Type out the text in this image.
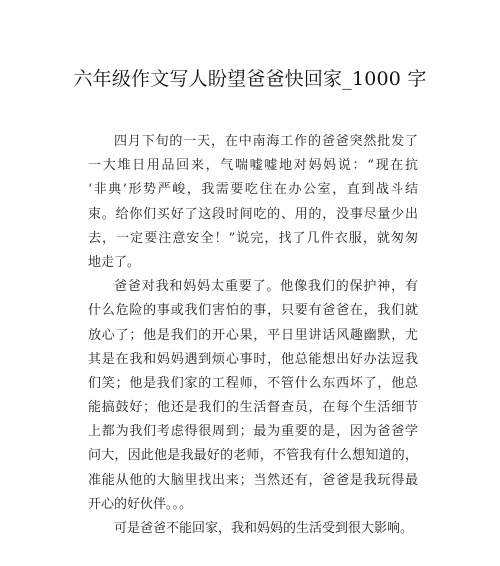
六年级作文写人盼望爸爸快回家_1000 字
四月下旬的一天，在中南海工作的爸爸突然批发了
一大堆日用品回来，气喘嘘嘘地对妈妈说：“现在抗
‘非典’形势严峻，我需要吃住在办公室，直到战斗结
束。给你们买好了这段时间吃的、用的，没事尽量少出
去，一定要注意安全！”说完，找了几件衣服，就匆匆
地走了。
爸爸对我和妈妈太重要了。他像我们的保护神，有
什么危险的事或我们害怕的事，只要有爸爸在，我们就
放心了；他是我们的开心果，平日里讲话风趣幽默，尤
其是在我和妈妈遇到烦心事时，他总能想出好办法逗我
们笑；他是我们家的工程师，不管什么东西坏了，他总
能搞鼓好；他还是我们的生活督查员，在每个生活细节
上都为我们考虑得很周到；最为重要的是，因为爸爸学
问大，因此他是我最好的老师，不管我有什么想知道的，
准能从他的大脑里找出来；当然还有，爸爸是我玩得最
开心的好伙伴。。。
可是爸爸不能回家，我和妈妈的生活受到很大影响。
